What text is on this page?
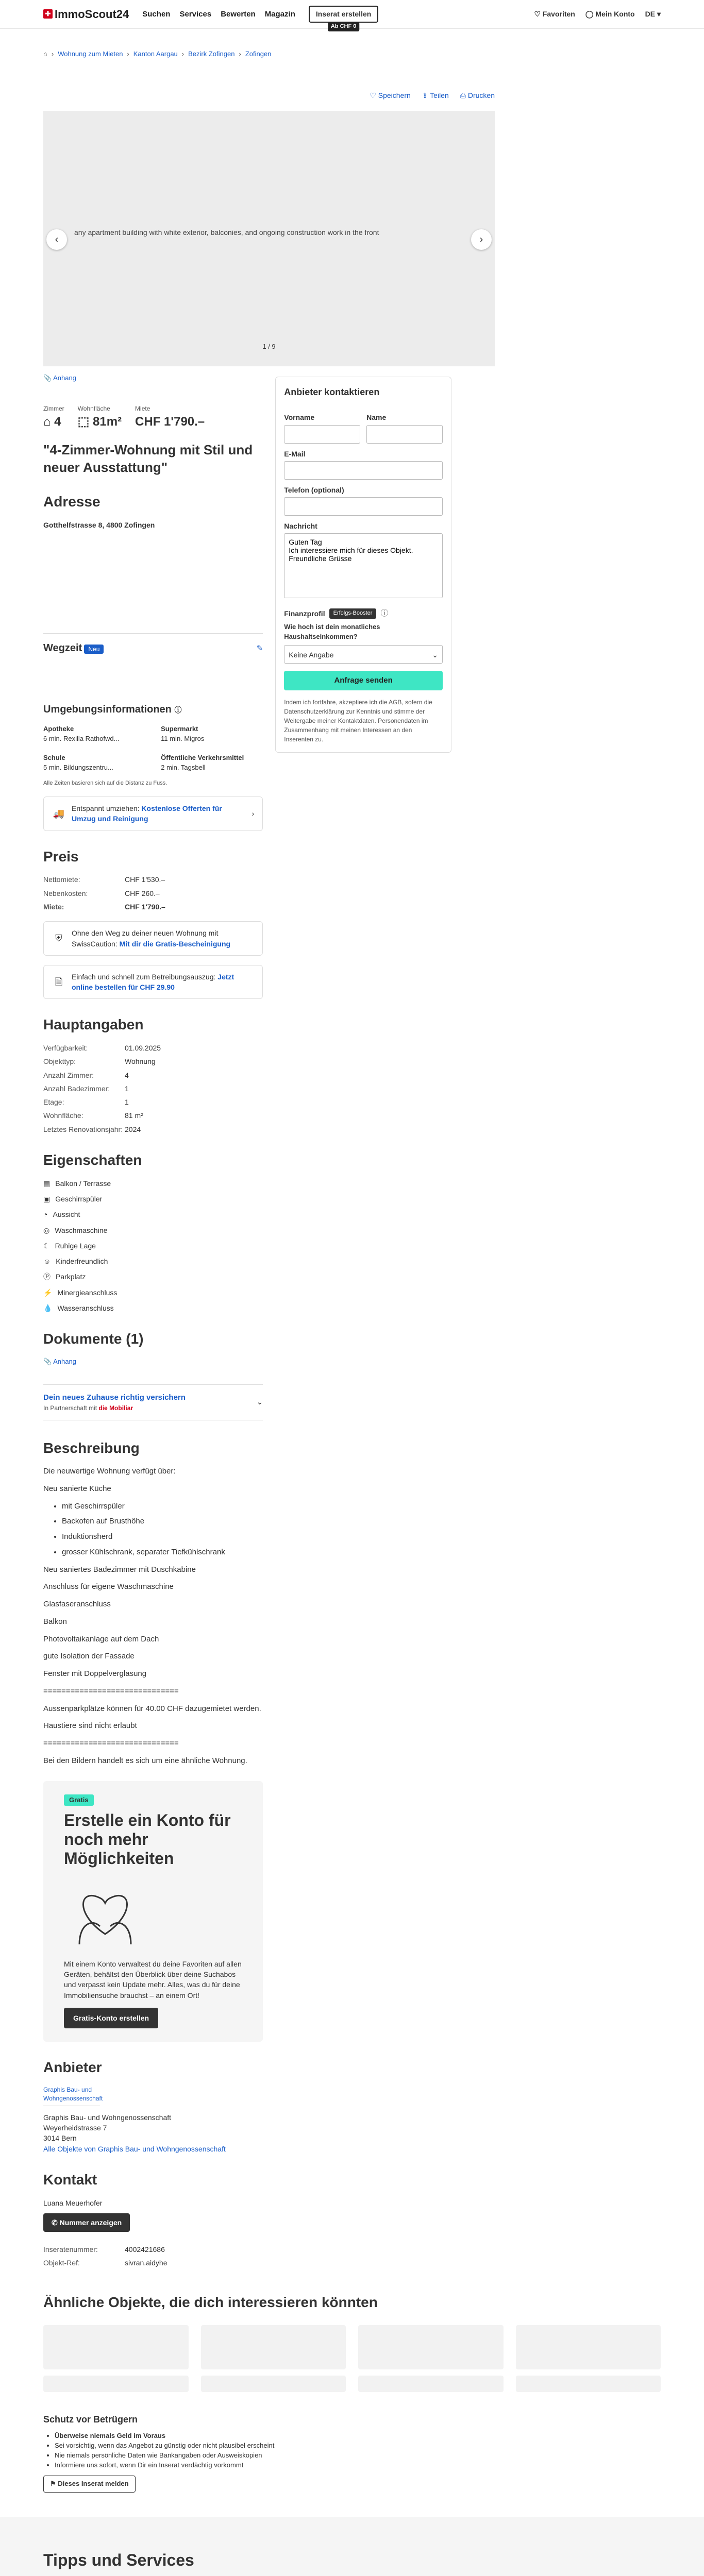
✚ ImmoScout24 Suchen Services Bewerten Magazin	Inserat erstellen
Ab CHF 0
♡ Favoriten ◯ Mein Konto DE ▾
⌂ › Wohnung zum Mieten › Kanton Aargau › Bezirk Zofingen › Zofingen
♡ Speichern ⇪ Teilen ⎙ Drucken
any apartment building with white exterior, balconies, and ongoing construction work in the front
‹	›
1 / 9
📎 Anhang
Zimmer
⌂ 4
Wohnfläche
⬚ 81m²
Miete
CHF 1'790.–
"4-Zimmer-Wohnung mit Stil und neuer Ausstattung"
Adresse
Gotthelfstrasse 8, 4800 Zofingen
Wegzeit Neu	✎
Umgebungsinformationen ⓘ
Apotheke
6 min. Rexilla Rathofwd...
Supermarkt
11 min. Migros
Schule
5 min. Bildungszentru...
Öffentliche Verkehrsmittel
2 min. Tagsbell
Alle Zeiten basieren sich auf die Distanz zu Fuss.
🚚
Entspannt umziehen: Kostenlose Offerten für Umzug und Reinigung
›
Preis
Nettomiete:	CHF 1'530.–
Nebenkosten:	CHF 260.–
Miete:	CHF 1'790.–
⛨
Ohne den Weg zu deiner neuen Wohnung mit SwissCaution: Mit dir die Gratis-Bescheinigung
🗎
Einfach und schnell zum Betreibungsauszug: Jetzt online bestellen für CHF 29.90
Hauptangaben
Verfügbarkeit:	01.09.2025
Objekttyp:	Wohnung
Anzahl Zimmer:	4
Anzahl Badezimmer:	1
Etage:	1
Wohnfläche:	81 m²
Letztes Renovationsjahr: 2024
Eigenschaften
▤ Balkon / Terrasse
▣ Geschirrspüler
◔ Aussicht
◎ Waschmaschine
☾ Ruhige Lage
☺ Kinderfreundlich
Ⓟ Parkplatz
⚡ Minergieanschluss
💧 Wasseranschluss
Dokumente (1)
📎 Anhang
Dein neues Zuhause richtig versichern
In Partnerschaft mit die Mobiliar
⌄
Beschreibung
Die neuwertige Wohnung verfügt über:
Neu sanierte Küche
• mit Geschirrspüler
• Backofen auf Brusthöhe
• Induktionsherd
• grosser Kühlschrank, separater Tiefkühlschrank
Neu saniertes Badezimmer mit Duschkabine
Anschluss für eigene Waschmaschine
Glasfaseranschluss
Balkon
Photovoltaikanlage auf dem Dach
gute Isolation der Fassade
Fenster mit Doppelverglasung
==============================
Aussenparkplätze können für 40.00 CHF dazugemietet werden.
Haustiere sind nicht erlaubt
==============================
Bei den Bildern handelt es sich um eine ähnliche Wohnung.
Gratis
Erstelle ein Konto für noch mehr Möglichkeiten

Mit einem Konto verwaltest du deine Favoriten auf allen Geräten, behältst den Überblick über deine Suchabos und verpasst kein Update mehr. Alles, was du für deine Immobiliensuche brauchst – an einem Ort!

Gratis-Konto erstellen
Anbieter
Graphis Bau- und Wohngenossenschaft
Graphis Bau- und Wohngenossenschaft
Weyerheidstrasse 7
3014 Bern
Alle Objekte von Graphis Bau- und Wohngenossenschaft
Kontakt
Luana Meuerhofer
✆ Nummer anzeigen
Inseratenummer:	4002421686
Objekt-Ref:	sivran.aidyhe
Anbieter kontaktieren
Vorname	Name
E-Mail
Telefon (optional)
Nachricht
Guten Tag Ich interessiere mich für dieses Objekt. Freundliche Grüsse
Finanzprofil	Erfolgs-Booster	ⓘ
Wie hoch ist dein monatliches Haushaltseinkommen?
Keine Angabe	⌄
Anfrage senden
Indem ich fortfahre, akzeptiere ich die AGB, sofern die Datenschutzerklärung zur Kenntnis und stimme der Weitergabe meiner Kontaktdaten. Personendaten im Zusammenhang mit meinen Interessen an den Inserenten zu.
Ähnliche Objekte, die dich interessieren könnten
Schutz vor Betrügern
• Überweise niemals Geld im Voraus
• Sei vorsichtig, wenn das Angebot zu günstig oder nicht plausibel erscheint
• Nie niemals persönliche Daten wie Bankangaben oder Ausweiskopien
• Informiere uns sofort, wenn Dir ein Inserat verdächtig vorkommt
⚑ Dieses Inserat melden
Tipps und Services
